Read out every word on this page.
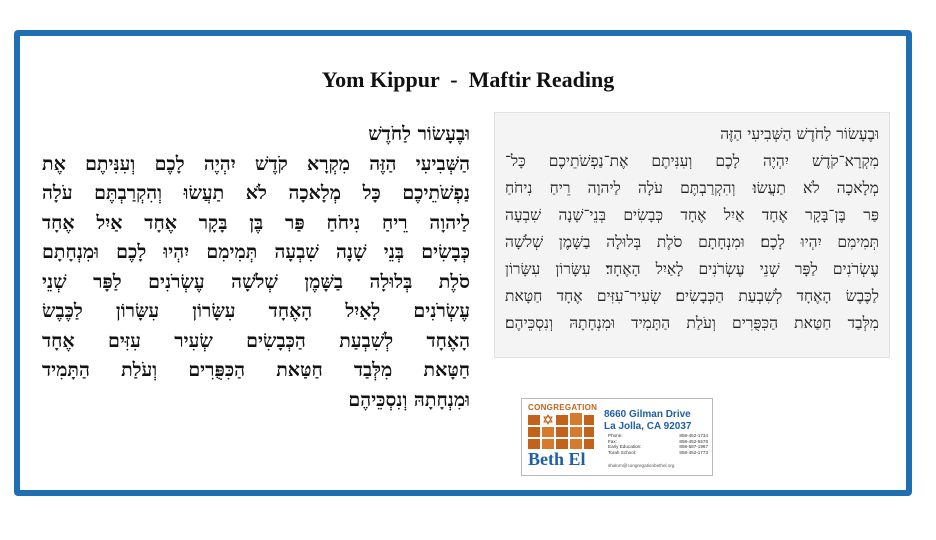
Yom Kippur  -  Maftir Reading
וּבֶעָשׂוֹר לַחֹדֶשׁ
הַשְּׁבִיעִי הַזֶּה מִקְרָא קֹדֶשׁ יִהְיֶה לָכֶם וְעִנִּיתֶם אֶת
נַפְשֹׁתֵיכֶם כָּל מְלָאכָה לֹא תַעֲשׂוּ וְהִקְרַבְתֶּם עֹלָה
לַיהוָה רֵיחַ נִיחֹחַ פַּר בֶּן בָּקָר אֶחָד אַיִל אֶחָד
כְּבָשִׂים בְּנֵי שָׁנָה שִׁבְעָה תְּמִימִם יִהְיוּ לָכֶם וּמִנְחָתָם
סֹלֶת בְּלוּלָה בַשָּׁמֶן שְׁלֹשָׁה עֶשְׂרֹנִים לַפָּר שְׁנֵי
עֶשְׂרֹנִים לָאַיִל הָאֶחָד עִשָּׂרוֹן עִשָּׂרוֹן לַכֶּבֶשׂ
הָאֶחָד לְשִׁבְעַת הַכְּבָשִׂים שְׂעִיר עִזִּים אֶחָד
חַטָּאת מִלְּבַד חַטַּאת הַכִּפֻּרִים וְעֹלַת הַתָּמִיד
וּמִנְחָתָהּ וְנִסְכֵּיהֶם
וּבֶעָשׂוֹר לַחֹדֶשׁ הַשְּׁבִיעִי הַזֶּה
מִקְרָא־קֹדֶשׁ יִהְיֶה לָכֶם וְעִנִּיתֶם אֶת־נַפְשֹׁתֵיכֶם כָּל־
מְלָאכָה לֹא תַעֲשׂוּ׃ וְהִקְרַבְתֶּם עֹלָה לַיהוָה רֵיחַ נִיחֹחַ
פַּר בֶּן־בָּקָר אֶחָד אַיִל אֶחָד כְּבָשִׂים בְּנֵי־שָׁנָה שִׁבְעָה
תְּמִימִם יִהְיוּ לָכֶם׃ וּמִנְחָתָם סֹלֶת בְּלוּלָה בַשָּׁמֶן שְׁלֹשָׁה
עֶשְׂרֹנִים לַפָּר שְׁנֵי עֶשְׂרֹנִים לָאַיִל הָאֶחָד׃ עִשָּׂרוֹן עִשָּׂרוֹן
לַכֶּבֶשׂ הָאֶחָד לְשִׁבְעַת הַכְּבָשִׂים׃ שְׂעִיר־עִזִּים אֶחָד חַטָּאת
מִלְּבַד חַטַּאת הַכִּפֻּרִים וְעֹלַת הַתָּמִיד וּמִנְחָתָהּ וְנִסְכֵּיהֶם׃
CONGREGATION
Beth El
8660 Gilman Drive
La Jolla, CA 92037
Phone:	858-452-1734
Fax:	858-452-5578
Early Education:	858-587-1967
Torah School:	858-452-1773
shalom@congregationbethel.org
